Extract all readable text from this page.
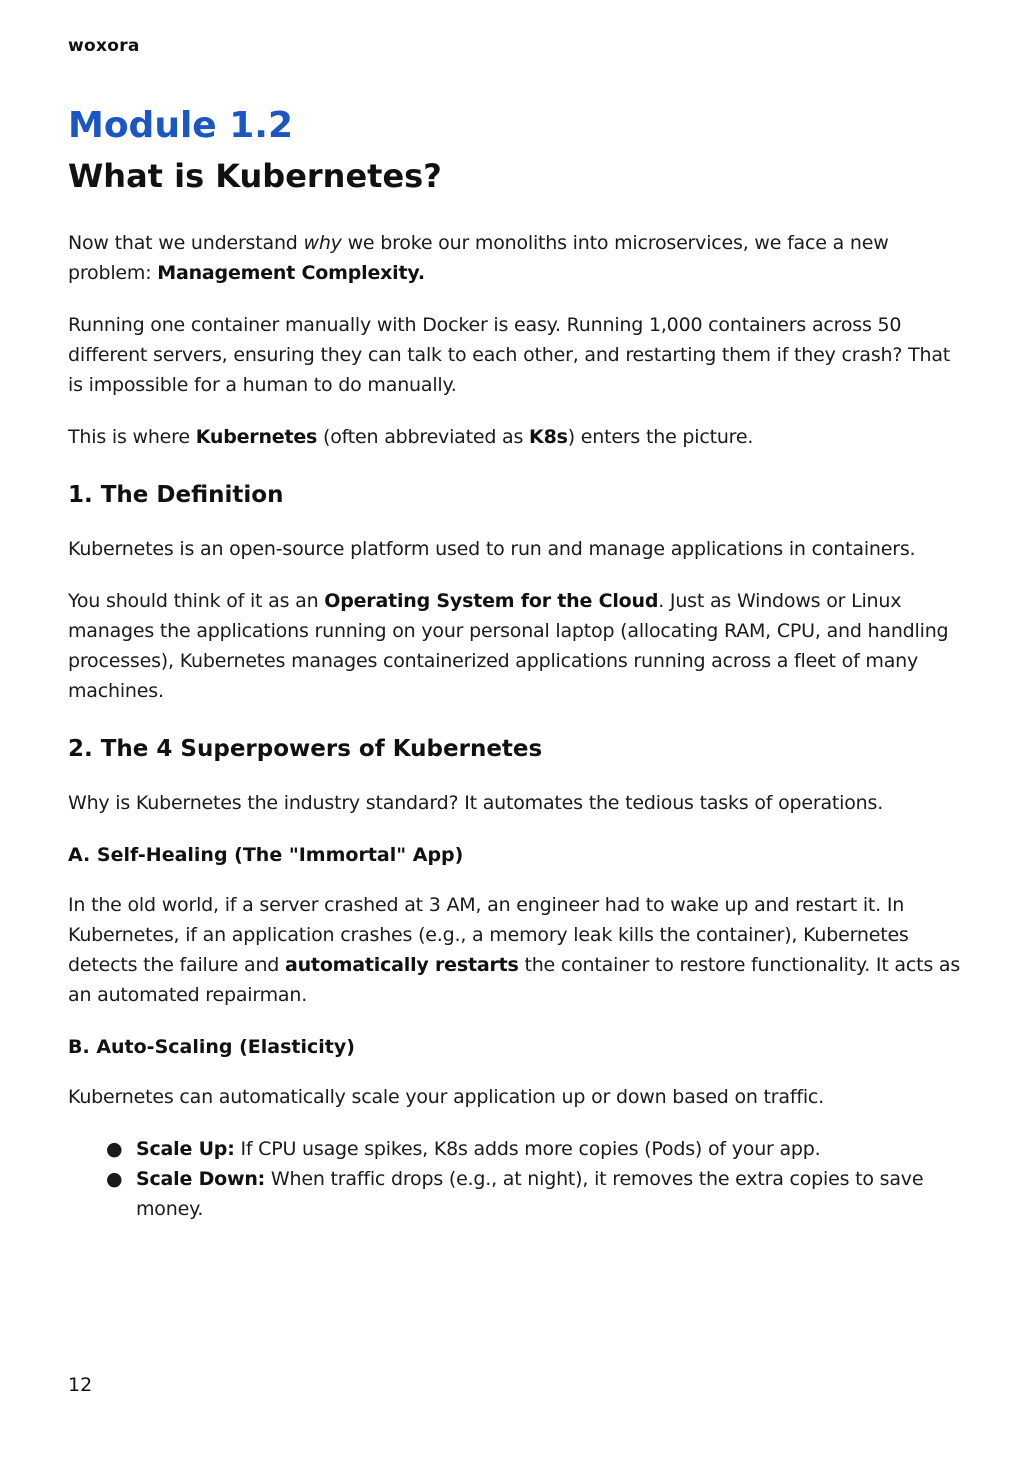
woxora
Module 1.2
What is Kubernetes?

Now that we understand why we broke our monoliths into microservices, we face a new problem: Management Complexity.

Running one container manually with Docker is easy. Running 1,000 containers across 50 different servers, ensuring they can talk to each other, and restarting them if they crash? That is impossible for a human to do manually.

This is where Kubernetes (often abbreviated as K8s) enters the picture.

1. The Definition

Kubernetes is an open-source platform used to run and manage applications in containers.

You should think of it as an Operating System for the Cloud. Just as Windows or Linux manages the applications running on your personal laptop (allocating RAM, CPU, and handling processes), Kubernetes manages containerized applications running across a fleet of many machines.

2. The 4 Superpowers of Kubernetes

Why is Kubernetes the industry standard? It automates the tedious tasks of operations.

A. Self-Healing (The "Immortal" App)

In the old world, if a server crashed at 3 AM, an engineer had to wake up and restart it. In Kubernetes, if an application crashes (e.g., a memory leak kills the container), Kubernetes detects the failure and automatically restarts the container to restore functionality. It acts as an automated repairman.

B. Auto-Scaling (Elasticity)

Kubernetes can automatically scale your application up or down based on traffic.

● Scale Up: If CPU usage spikes, K8s adds more copies (Pods) of your app.
● Scale Down: When traffic drops (e.g., at night), it removes the extra copies to save money.
12
